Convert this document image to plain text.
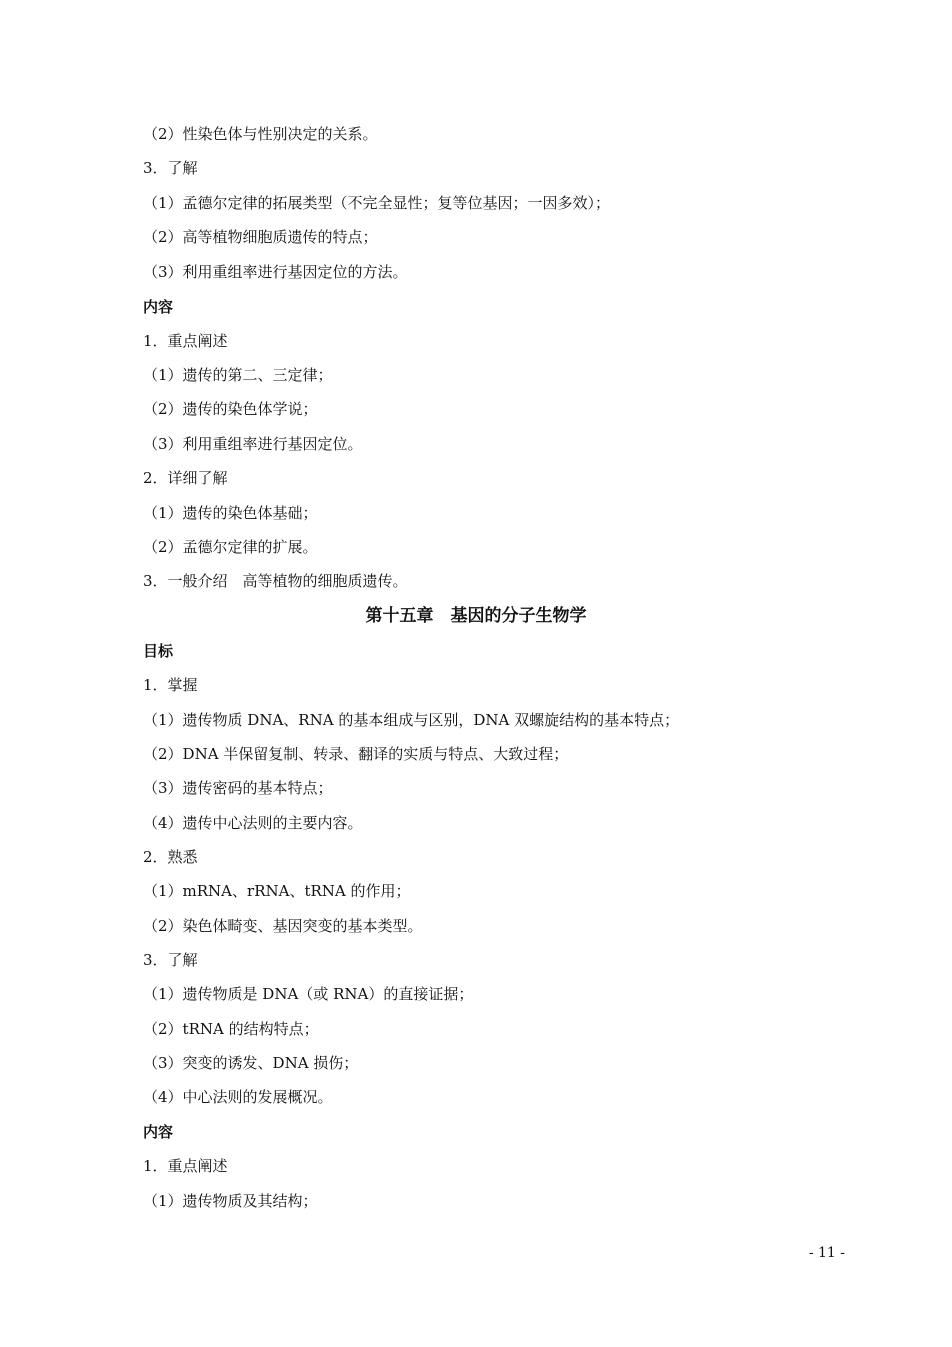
（2）性染色体与性别决定的关系。
3．了解
（1）孟德尔定律的拓展类型（不完全显性；复等位基因；一因多效）；
（2）高等植物细胞质遗传的特点；
（3）利用重组率进行基因定位的方法。
内容
1．重点阐述
（1）遗传的第二、三定律；
（2）遗传的染色体学说；
（3）利用重组率进行基因定位。
2．详细了解
（1）遗传的染色体基础；
（2）孟德尔定律的扩展。
3．一般介绍　高等植物的细胞质遗传。
第十五章　基因的分子生物学
目标
1．掌握
（1）遗传物质 DNA、RNA 的基本组成与区别，DNA 双螺旋结构的基本特点；
（2）DNA 半保留复制、转录、翻译的实质与特点、大致过程；
（3）遗传密码的基本特点；
（4）遗传中心法则的主要内容。
2．熟悉
（1）mRNA、rRNA、tRNA 的作用；
（2）染色体畸变、基因突变的基本类型。
3．了解
（1）遗传物质是 DNA（或 RNA）的直接证据；
（2）tRNA 的结构特点；
（3）突变的诱发、DNA 损伤；
（4）中心法则的发展概况。
内容
1．重点阐述
（1）遗传物质及其结构；
- 11 -
